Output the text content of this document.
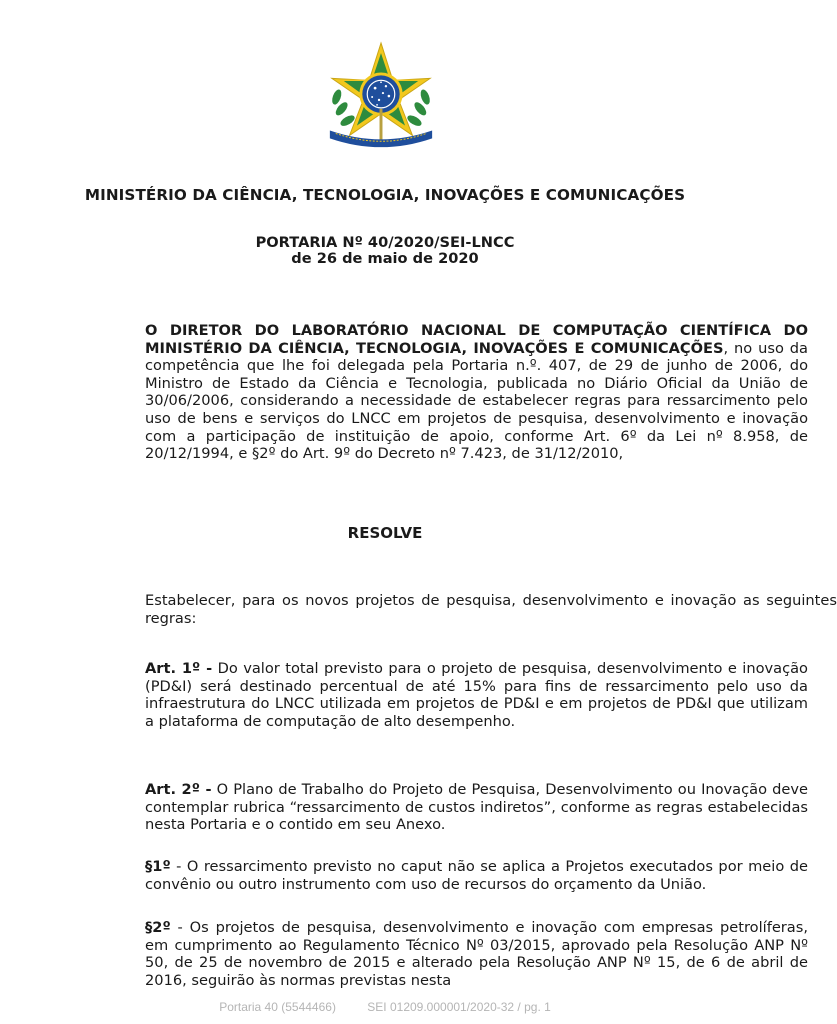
MINISTÉRIO DA CIÊNCIA, TECNOLOGIA, INOVAÇÕES E COMUNICAÇÕES
PORTARIA Nº 40/2020/SEI-LNCC
de 26 de maio de 2020
O DIRETOR DO LABORATÓRIO NACIONAL DE COMPUTAÇÃO CIENTÍFICA DO MINISTÉRIO DA CIÊNCIA, TECNOLOGIA, INOVAÇÕES E COMUNICAÇÕES, no uso da competência que lhe foi delegada pela Portaria n.º. 407, de 29 de junho de 2006, do Ministro de Estado da Ciência e Tecnologia, publicada no Diário Oficial da União de 30/06/2006, considerando a necessidade de estabelecer regras para ressarcimento pelo uso de bens e serviços do LNCC em projetos de pesquisa, desenvolvimento e inovação com a participação de instituição de apoio, conforme Art. 6º da Lei nº 8.958, de 20/12/1994, e §2º do Art. 9º do Decreto nº 7.423, de 31/12/2010,
RESOLVE
Estabelecer, para os novos projetos de pesquisa, desenvolvimento e inovação as seguintes regras:
Art. 1º - Do valor total previsto para o projeto de pesquisa, desenvolvimento e inovação (PD&I) será destinado percentual de até 15% para fins de ressarcimento pelo uso da infraestrutura do LNCC utilizada em projetos de PD&I e em projetos de PD&I que utilizam a plataforma de computação de alto desempenho.
Art. 2º - O Plano de Trabalho do Projeto de Pesquisa, Desenvolvimento ou Inovação deve contemplar rubrica “ressarcimento de custos indiretos”, conforme as regras estabelecidas nesta Portaria e o contido em seu Anexo.
§1º - O ressarcimento previsto no caput não se aplica a Projetos executados por meio de convênio ou outro instrumento com uso de recursos do orçamento da União.
§2º - Os projetos de pesquisa, desenvolvimento e inovação com empresas petrolíferas, em cumprimento ao Regulamento Técnico Nº 03/2015, aprovado pela Resolução ANP Nº 50, de 25 de novembro de 2015 e alterado pela Resolução ANP Nº 15, de 6 de abril de 2016, seguirão às normas previstas nesta
Portaria 40 (5544466)	SEI 01209.000001/2020-32 / pg. 1
